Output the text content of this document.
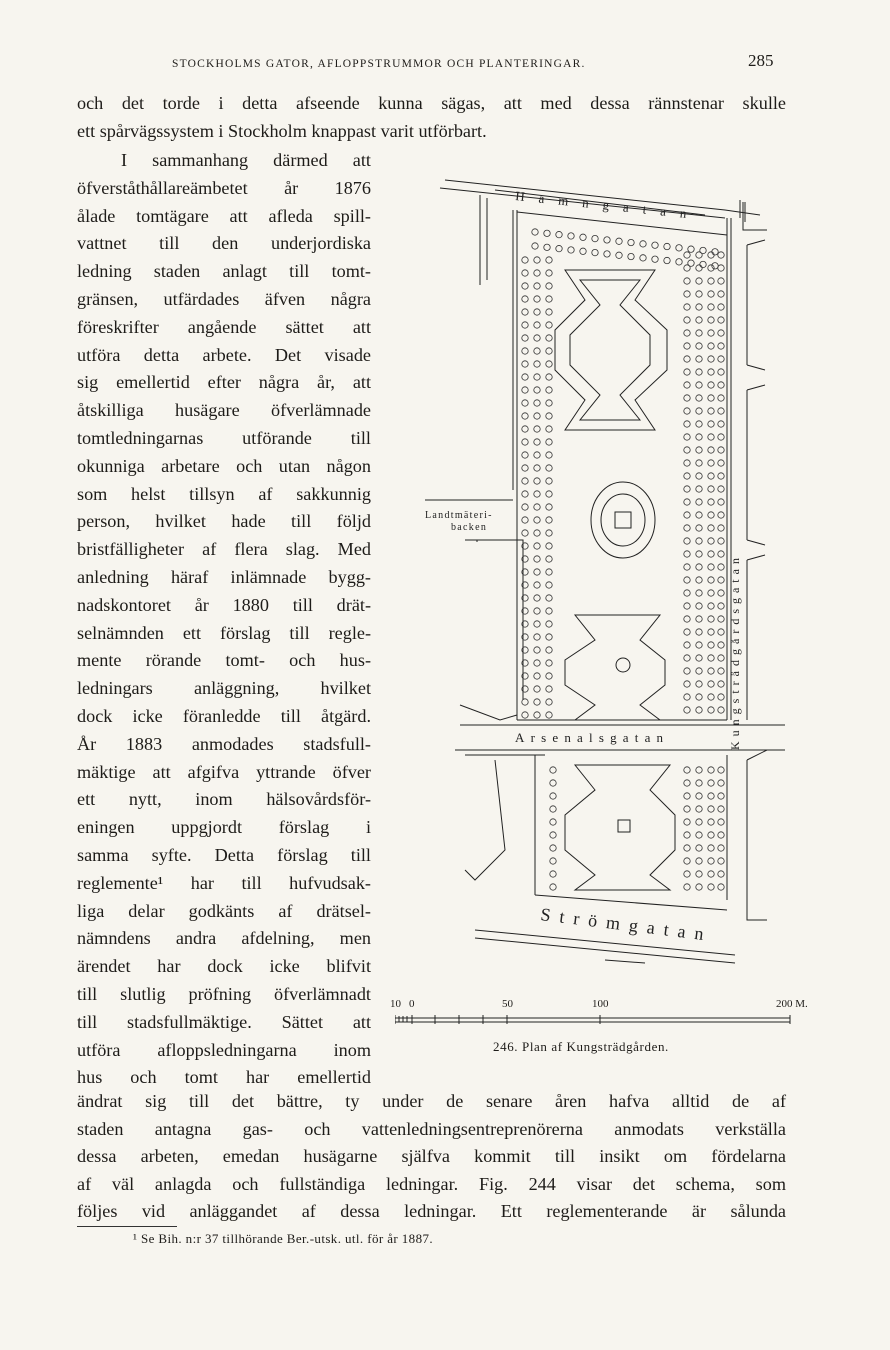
STOCKHOLMS GATOR, AFLOPPSTRUMMOR OCH PLANTERINGAR.	285
och det torde i detta afseende kunna sägas, att med dessa rännstenar skulle
ett spårvägssystem i Stockholm knappast varit utförbart.
I sammanhang därmed att
öfverståthållareämbetet år 1876
ålade tomtägare att afleda spill-
vattnet till den underjordiska
ledning staden anlagt till tomt-
gränsen, utfärdades äfven några
föreskrifter angående sättet att
utföra detta arbete. Det visade
sig emellertid efter några år, att
åtskilliga husägare öfverlämnade
tomtledningarnas utförande till
okunniga arbetare och utan någon
som helst tillsyn af sakkunnig
person, hvilket hade till följd
bristfälligheter af flera slag. Med
anledning häraf inlämnade bygg-
nadskontoret år 1880 till drät-
selnämnden ett förslag till regle-
mente rörande tomt- och hus-
ledningars anläggning, hvilket
dock icke föranledde till åtgärd.
År 1883 anmodades stadsfull-
mäktige att afgifva yttrande öfver
ett nytt, inom hälsovårdsför-
eningen uppgjordt förslag i
samma syfte. Detta förslag till
reglemente¹ har till hufvudsak-
liga delar godkänts af drätsel-
nämndens andra afdelning, men
ärendet har dock icke blifvit
till slutlig pröfning öfverlämnadt
till stadsfullmäktige. Sättet att
utföra afloppsledningarna inom
hus och tomt har emellertid
ändrat sig till det bättre, ty under de senare åren hafva alltid de af
staden antagna gas- och vattenledningsentreprenörerna anmodats verkställa
dessa arbeten, emedan husägarne själfva kommit till insikt om fördelarna
af väl anlagda och fullständiga ledningar. Fig. 244 visar det schema, som
följes vid anläggandet af dessa ledningar. Ett reglementerande är sålunda
Hamngatan
Kungsträdgårdsgatan
Arsenalsgatan
Strömgatan
Landtmäteri-
backen
10 0	50	100	200 M.
246. Plan af Kungsträdgården.
¹ Se Bih. n:r 37 tillhörande Ber.-utsk. utl. för år 1887.
